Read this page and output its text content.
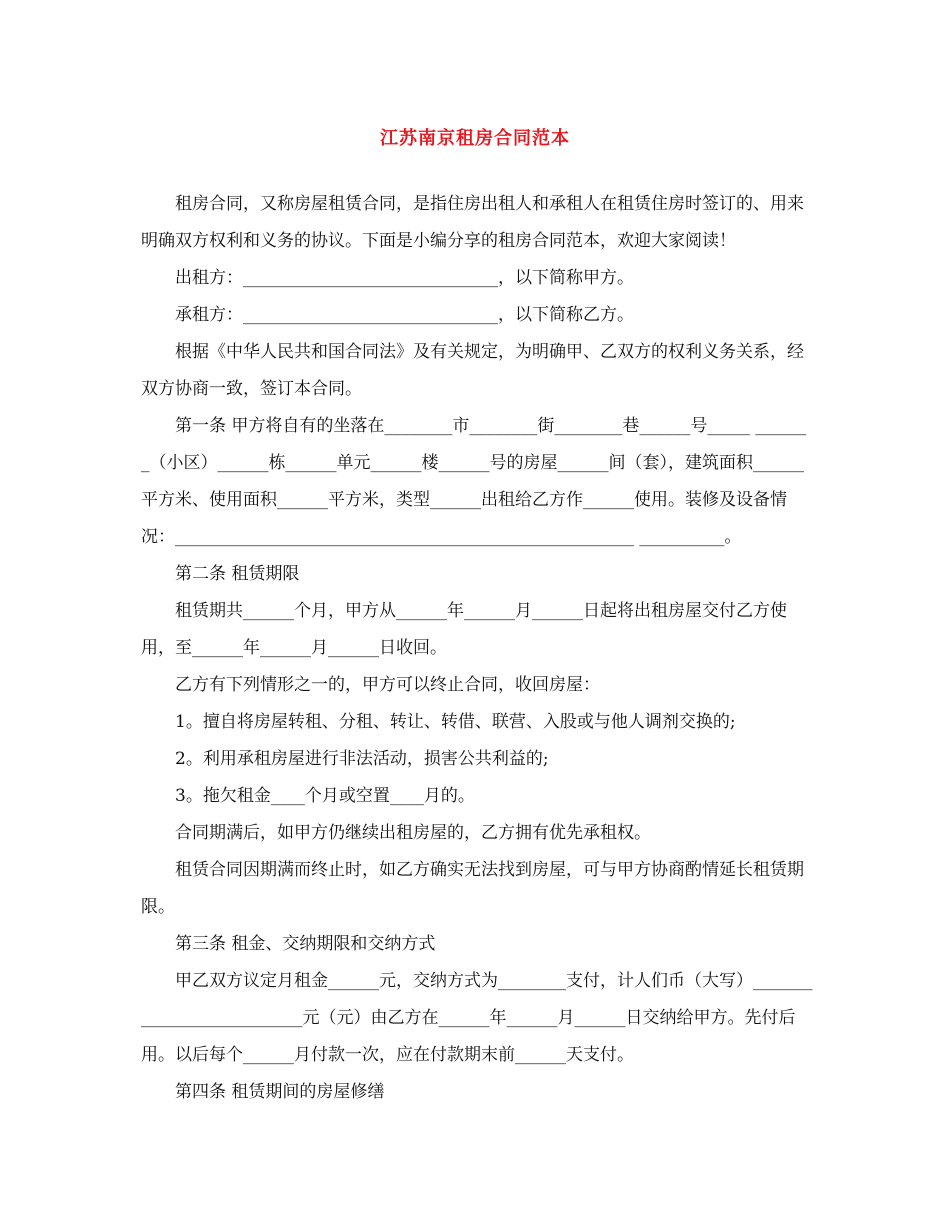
江苏南京租房合同范本

　　租房合同，又称房屋租赁合同，是指住房出租人和承租人在租赁住房时签订的、用来明确双方权利和义务的协议。下面是小编分享的租房合同范本，欢迎大家阅读！

　　出租方：______________________________，以下简称甲方。

　　承租方：______________________________，以下简称乙方。

　　根据《中华人民共和国合同法》及有关规定，为明确甲、乙双方的权利义务关系，经双方协商一致，签订本合同。

　　第一条 甲方将自有的坐落在________市________街________巷______号_____ _______（小区）______栋______单元______楼______号的房屋______间（套），建筑面积______平方米、使用面积______平方米，类型______出租给乙方作______使用。装修及设备情况：______________________________________________________ __________。

　　第二条 租赁期限

　　租赁期共______个月，甲方从______年______月______日起将出租房屋交付乙方使用，至______年______月______日收回。

　　乙方有下列情形之一的，甲方可以终止合同，收回房屋：

　　1。擅自将房屋转租、分租、转让、转借、联营、入股或与他人调剂交换的;

　　2。利用承租房屋进行非法活动，损害公共利益的;

　　3。拖欠租金____个月或空置____月的。

　　合同期满后，如甲方仍继续出租房屋的，乙方拥有优先承租权。

　　租赁合同因期满而终止时，如乙方确实无法找到房屋，可与甲方协商酌情延长租赁期限。

　　第三条 租金、交纳期限和交纳方式

　　甲乙双方议定月租金______元，交纳方式为________支付，计人们币（大写）__________________________元（元）由乙方在______年______月______日交纳给甲方。先付后用。以后每个______月付款一次，应在付款期末前______天支付。

　　第四条 租赁期间的房屋修缮
